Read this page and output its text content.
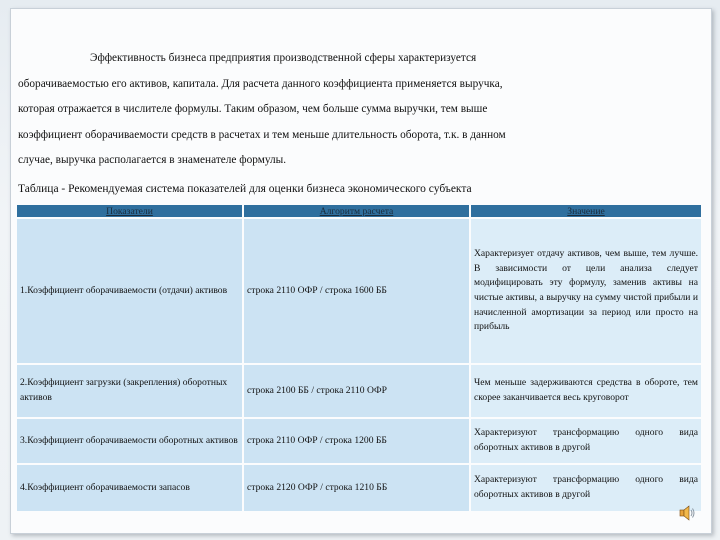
Эффективность бизнеса предприятия производственной сферы характеризуется
оборачиваемостью его активов, капитала. Для расчета данного коэффициента применяется выручка,
которая отражается в числителе формулы. Таким образом, чем больше сумма выручки, тем выше
коэффициент оборачиваемости средств в расчетах и тем меньше длительность оборота, т.к. в данном
случае, выручка располагается в знаменателе формулы.
Таблица - Рекомендуемая система показателей для оценки бизнеса экономического субъекта
Показатели	Алгоритм расчета	Значение
1.Коэффициент оборачиваемости (отдачи) активов	строка 2110 ОФР / строка 1600 ББ	Характеризует отдачу активов, чем выше, тем лучше. В зависимости от цели анализа следует модифицировать эту формулу, заменив активы на чистые активы, а выручку на сумму чистой прибыли и начисленной амортизации за период или просто на прибыль
2.Коэффициент загрузки (закрепления) оборотных активов	строка 2100 ББ / строка 2110 ОФР	Чем меньше задерживаются средства в обороте, тем скорее заканчивается весь круговорот
3.Коэффициент оборачиваемости оборотных активов	строка 2110 ОФР / строка 1200 ББ	Характеризуют трансформацию одного вида оборотных активов в другой
4.Коэффициент оборачиваемости запасов	строка 2120 ОФР / строка 1210 ББ	Характеризуют трансформацию одного вида оборотных активов в другой
